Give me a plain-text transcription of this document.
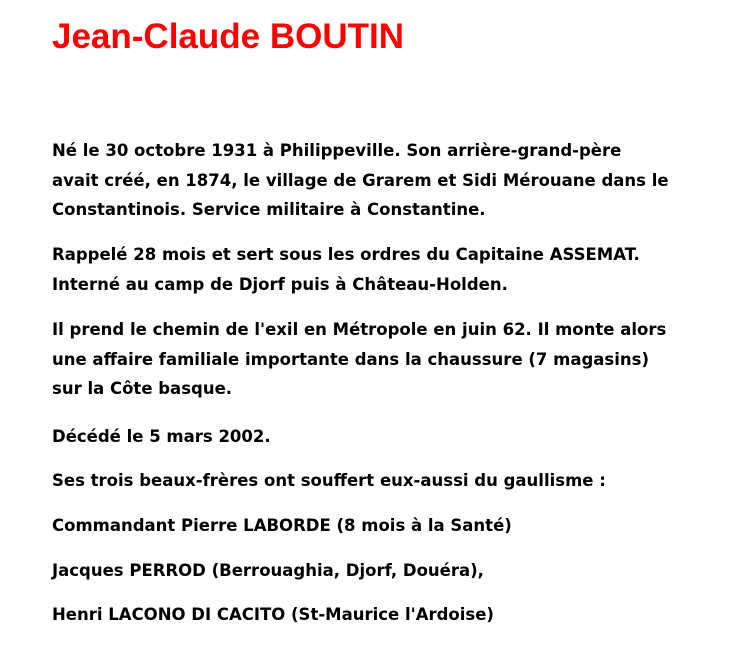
Jean-Claude BOUTIN

Né le 30 octobre 1931 à Philippeville. Son arrière-grand-père
avait créé, en 1874, le village de Grarem et Sidi Mérouane dans le
Constantinois. Service militaire à Constantine.

Rappelé 28 mois et sert sous les ordres du Capitaine ASSEMAT.
Interné au camp de Djorf puis à Château-Holden.

Il prend le chemin de l'exil en Métropole en juin 62. Il monte alors
une affaire familiale importante dans la chaussure (7 magasins)
sur la Côte basque.

Décédé le 5 mars 2002.

Ses trois beaux-frères ont souffert eux-aussi du gaullisme :

Commandant Pierre LABORDE (8 mois à la Santé)

Jacques PERROD (Berrouaghia, Djorf, Douéra),

Henri LACONO DI CACITO (St-Maurice l'Ardoise)
